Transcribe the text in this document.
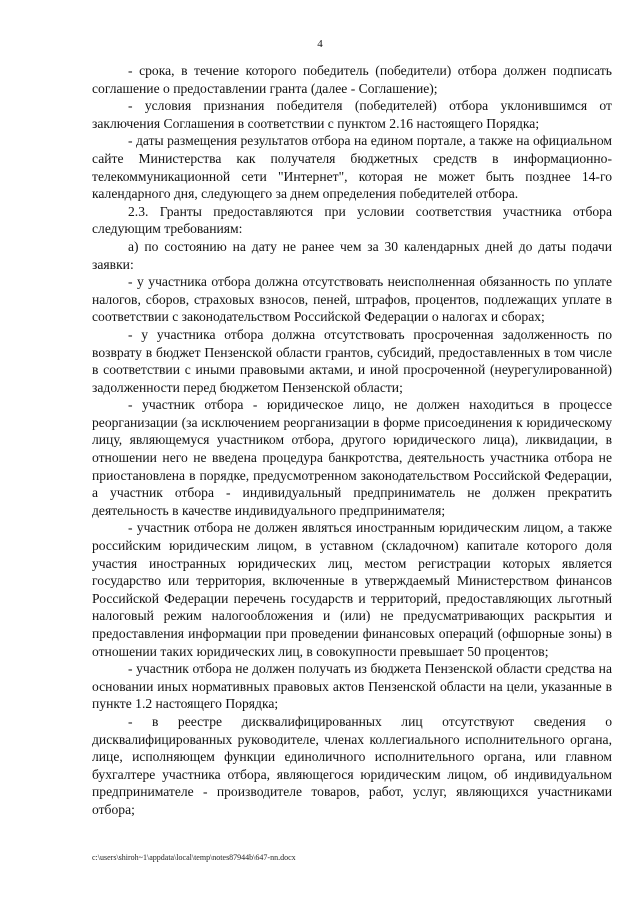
4

- срока, в течение которого победитель (победители) отбора должен подписать соглашение о предоставлении гранта (далее - Соглашение);

- условия признания победителя (победителей) отбора уклонившимся от заключения Соглашения в соответствии с пунктом 2.16 настоящего Порядка;

- даты размещения результатов отбора на едином портале, а также на официальном сайте Министерства как получателя бюджетных средств в информационно-телекоммуникационной сети "Интернет", которая не может быть позднее 14-го календарного дня, следующего за днем определения победителей отбора.

2.3. Гранты предоставляются при условии соответствия участника отбора следующим требованиям:

а) по состоянию на дату не ранее чем за 30 календарных дней до даты подачи заявки:

- у участника отбора должна отсутствовать неисполненная обязанность по уплате налогов, сборов, страховых взносов, пеней, штрафов, процентов, подлежащих уплате в соответствии с законодательством Российской Федерации о налогах и сборах;

- у участника отбора должна отсутствовать просроченная задолженность по возврату в бюджет Пензенской области грантов, субсидий, предоставленных в том числе в соответствии с иными правовыми актами, и иной просроченной (неурегулированной) задолженности перед бюджетом Пензенской области;

- участник отбора - юридическое лицо, не должен находиться в процессе реорганизации (за исключением реорганизации в форме присоединения к юридическому лицу, являющемуся участником отбора, другого юридического лица), ликвидации, в отношении него не введена процедура банкротства, деятельность участника отбора не приостановлена в порядке, предусмотренном законодательством Российской Федерации, а участник отбора - индивидуальный предприниматель не должен прекратить деятельность в качестве индивидуального предпринимателя;

- участник отбора не должен являться иностранным юридическим лицом, а также российским юридическим лицом, в уставном (складочном) капитале которого доля участия иностранных юридических лиц, местом регистрации которых является государство или территория, включенные в утверждаемый Министерством финансов Российской Федерации перечень государств и территорий, предоставляющих льготный налоговый режим налогообложения и (или) не предусматривающих раскрытия и предоставления информации при проведении финансовых операций (офшорные зоны) в отношении таких юридических лиц, в совокупности превышает 50 процентов;

- участник отбора не должен получать из бюджета Пензенской области средства на основании иных нормативных правовых актов Пензенской области на цели, указанные в пункте 1.2 настоящего Порядка;

- в реестре дисквалифицированных лиц отсутствуют сведения о дисквалифицированных руководителе, членах коллегиального исполнительного органа, лице, исполняющем функции единоличного исполнительного органа, или главном бухгалтере участника отбора, являющегося юридическим лицом, об индивидуальном предпринимателе - производителе товаров, работ, услуг, являющихся участниками отбора;

c:\users\shiroh~1\appdata\local\temp\notes87944b\647-nn.docx
